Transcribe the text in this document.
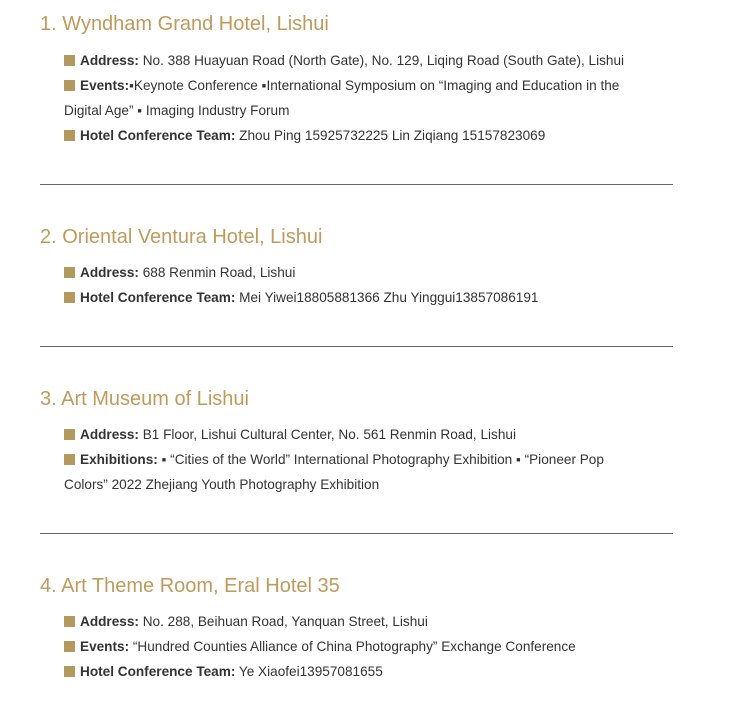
1. Wyndham Grand Hotel, Lishui
Address: No. 388 Huayuan Road (North Gate), No. 129, Liqing Road (South Gate), Lishui
Events:▪Keynote Conference ▪International Symposium on “Imaging and Education in the
Digital Age” ▪ Imaging Industry Forum
Hotel Conference Team: Zhou Ping 15925732225 Lin Ziqiang 15157823069
2. Oriental Ventura Hotel, Lishui
Address: 688 Renmin Road, Lishui
Hotel Conference Team: Mei Yiwei18805881366 Zhu Yinggui13857086191
3. Art Museum of Lishui
Address: B1 Floor, Lishui Cultural Center, No. 561 Renmin Road, Lishui
Exhibitions: ▪ “Cities of the World” International Photography Exhibition ▪ “Pioneer Pop
Colors” 2022 Zhejiang Youth Photography Exhibition
4. Art Theme Room, Eral Hotel 35
Address: No. 288, Beihuan Road, Yanquan Street, Lishui
Events: “Hundred Counties Alliance of China Photography” Exchange Conference
Hotel Conference Team: Ye Xiaofei13957081655
